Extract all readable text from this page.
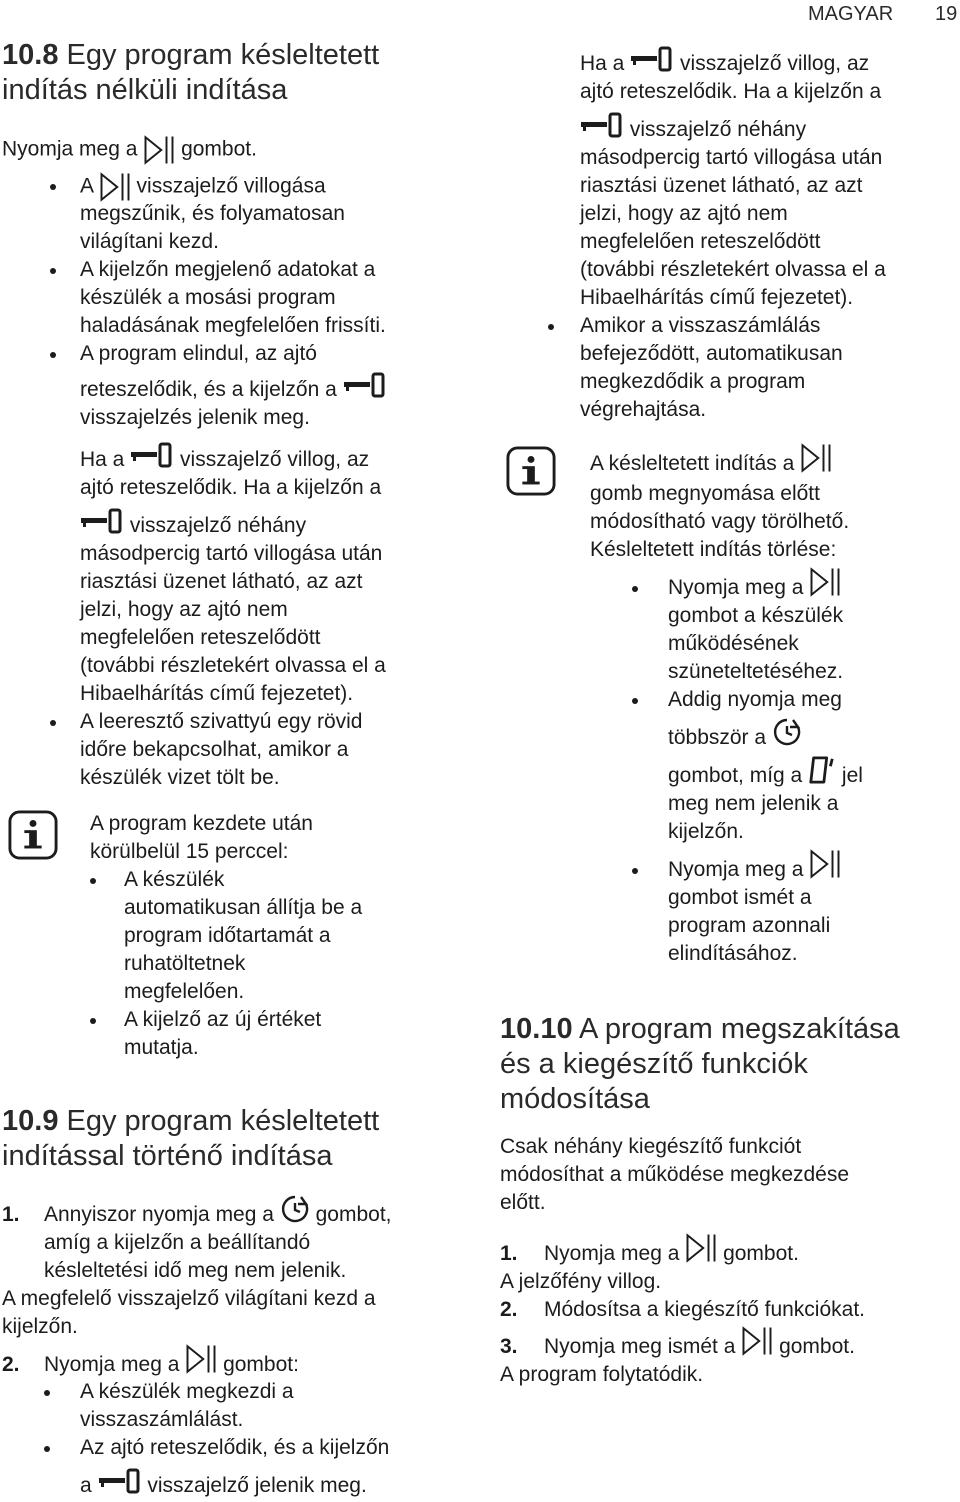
MAGYAR 19
10.8 Egy program késleltetett
indítás nélküli indítása
Nyomja meg a gombot.
A visszajelző villogása
megszűnik, és folyamatosan
világítani kezd.
A kijelzőn megjelenő adatokat a
készülék a mosási program
haladásának megfelelően frissíti.
A program elindul, az ajtó
reteszelődik, és a kijelzőn a
visszajelzés jelenik meg.
Ha a	visszajelző villog, az
ajtó reteszelődik. Ha a kijelzőn a
visszajelző néhány
másodpercig tartó villogása után
riasztási üzenet látható, az azt
jelzi, hogy az ajtó nem
megfelelően reteszelődött
(további részletekért olvassa el a
Hibaelhárítás című fejezetet).
A leeresztő szivattyú egy rövid
időre bekapcsolhat, amikor a
készülék vizet tölt be.
A program kezdete után
körülbelül 15 perccel:
A készülék
automatikusan állítja be a
program időtartamát a
ruhatöltetnek
megfelelően.
A kijelző az új értéket
mutatja.
10.9 Egy program késleltetett
indítással történő indítása
1. Annyiszor nyomja meg a gombot,
amíg a kijelzőn a beállítandó
késleltetési idő meg nem jelenik.
A megfelelő visszajelző világítani kezd a
kijelzőn.
2. Nyomja meg a gombot:
A készülék megkezdi a
visszaszámlálást.
Az ajtó reteszelődik, és a kijelzőn
a	visszajelző jelenik meg.
Ha a	visszajelző villog, az
ajtó reteszelődik. Ha a kijelzőn a
visszajelző néhány
másodpercig tartó villogása után
riasztási üzenet látható, az azt
jelzi, hogy az ajtó nem
megfelelően reteszelődött
(további részletekért olvassa el a
Hibaelhárítás című fejezetet).
Amikor a visszaszámlálás
befejeződött, automatikusan
megkezdődik a program
végrehajtása.
A késleltetett indítás a
gomb megnyomása előtt
módosítható vagy törölhető.
Késleltetett indítás törlése:
Nyomja meg a
gombot a készülék
működésének
szüneteltetéséhez.
Addig nyomja meg
többször a
gombot, míg a jel
meg nem jelenik a
kijelzőn.
Nyomja meg a
gombot ismét a
program azonnali
elindításához.
10.10 A program megszakítása
és a kiegészítő funkciók
módosítása
Csak néhány kiegészítő funkciót
módosíthat a működése megkezdése
előtt.
1. Nyomja meg a gombot.
A jelzőfény villog.
2. Módosítsa a kiegészítő funkciókat.
3. Nyomja meg ismét a gombot.
A program folytatódik.
